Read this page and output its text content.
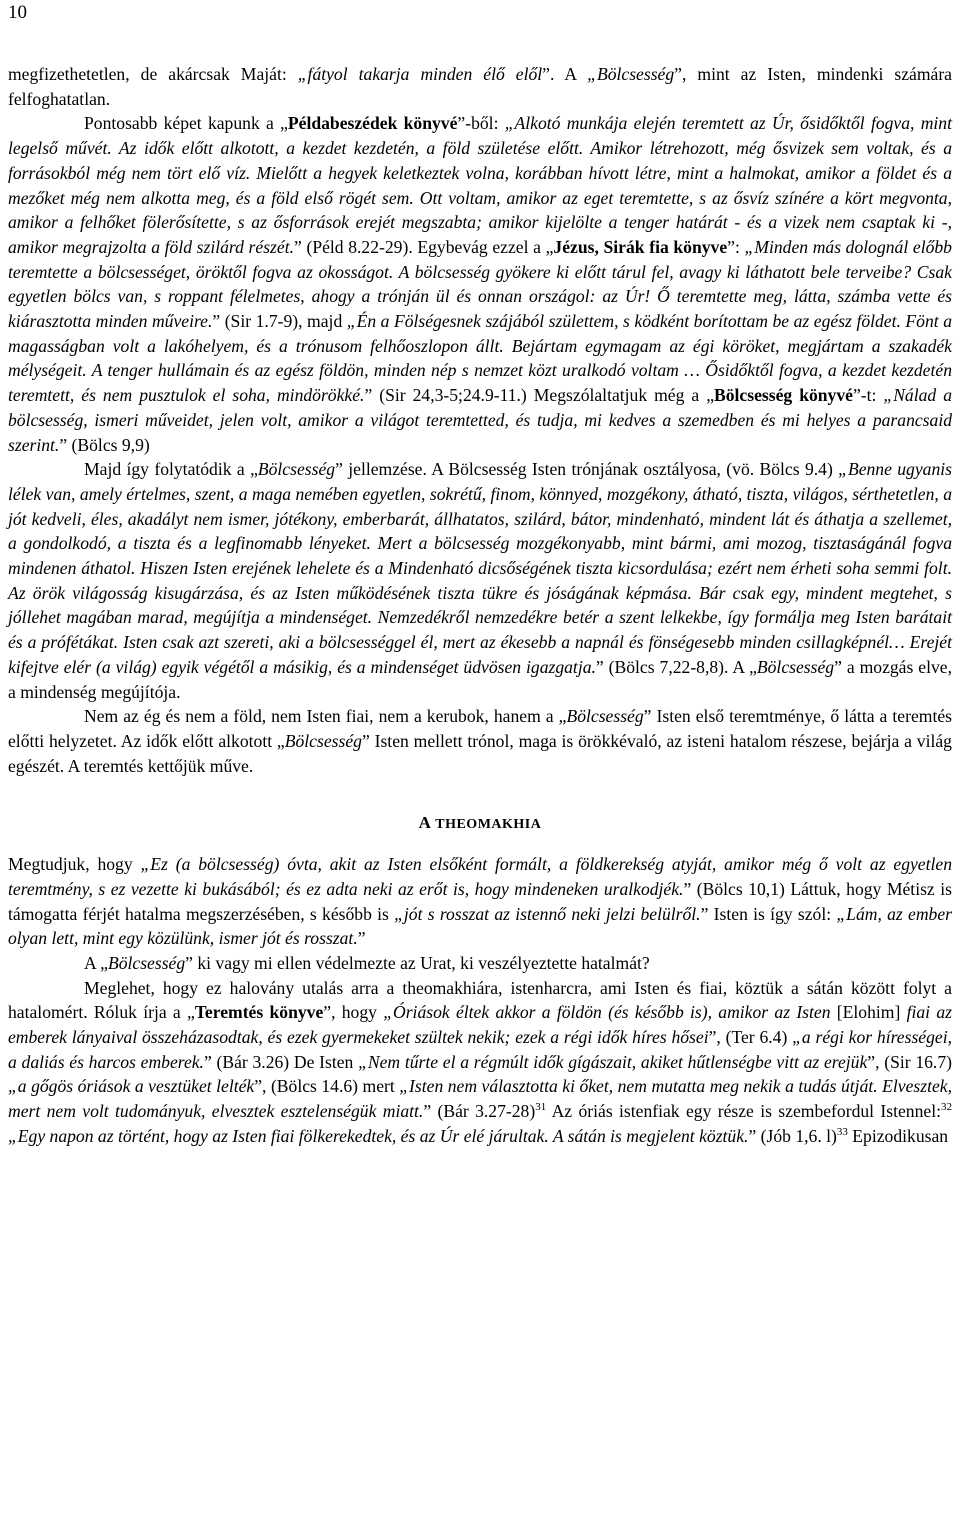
10

megfizethetetlen, de akárcsak Maját: „fátyol takarja minden élő elől”. A „Bölcsesség”, mint az Isten, mindenki számára felfoghatatlan.

Pontosabb képet kapunk a „Példabeszédek könyvé”-ből: „Alkotó munkája elején teremtett az Úr, ősidőktől fogva, mint legelső művét. Az idők előtt alkotott, a kezdet kezdetén, a föld születése előtt. Amikor létrehozott, még ősvizek sem voltak, és a forrásokból még nem tört elő víz. Mielőtt a hegyek keletkeztek volna, korábban hívott létre, mint a halmokat, amikor a földet és a mezőket még nem alkotta meg, és a föld első rögét sem. Ott voltam, amikor az eget teremtette, s az ősvíz színére a kört megvonta, amikor a felhőket fölerősítette, s az ősforrások erejét megszabta; amikor kijelölte a tenger határát - és a vizek nem csaptak ki -, amikor megrajzolta a föld szilárd részét.” (Péld 8.22-29). Egybevág ezzel a „Jézus, Sirák fia könyve”: „Minden más dolognál előbb teremtette a bölcsességet, öröktől fogva az okosságot. A bölcsesség gyökere ki előtt tárul fel, avagy ki láthatott bele terveibe? Csak egyetlen bölcs van, s roppant félelmetes, ahogy a trónján ül és onnan országol: az Úr! Ő teremtette meg, látta, számba vette és kiárasztotta minden műveire.” (Sir 1.7-9), majd „Én a Fölségesnek szájából születtem, s ködként borítottam be az egész földet. Fönt a magasságban volt a lakóhelyem, és a trónusom felhőoszlopon állt. Bejártam egymagam az égi köröket, megjártam a szakadék mélységeit. A tenger hullámain és az egész földön, minden nép s nemzet közt uralkodó voltam … Ősidőktől fogva, a kezdet kezdetén teremtett, és nem pusztulok el soha, mindörökké.” (Sir 24,3-5;24.9-11.) Megszólaltatjuk még a „Bölcsesség könyvé”-t: „Nálad a bölcsesség, ismeri műveidet, jelen volt, amikor a világot teremtetted, és tudja, mi kedves a szemedben és mi helyes a parancsaid szerint.” (Bölcs 9,9)

Majd így folytatódik a „Bölcsesség” jellemzése. A Bölcsesség Isten trónjának osztályosa, (vö. Bölcs 9.4) „Benne ugyanis lélek van, amely értelmes, szent, a maga nemében egyetlen, sokrétű, finom, könnyed, mozgékony, átható, tiszta, világos, sérthetetlen, a jót kedveli, éles, akadályt nem ismer, jótékony, emberbarát, állhatatos, szilárd, bátor, mindenható, mindent lát és áthatja a szellemet, a gondolkodó, a tiszta és a legfinomabb lényeket. Mert a bölcsesség mozgékonyabb, mint bármi, ami mozog, tisztaságánál fogva mindenen áthatol. Hiszen Isten erejének lehelete és a Mindenható dicsőségének tiszta kicsordulása; ezért nem érheti soha semmi folt. Az örök világosság kisugárzása, és az Isten működésének tiszta tükre és jóságának képmása. Bár csak egy, mindent megtehet, s jóllehet magában marad, megújítja a mindenséget. Nemzedékről nemzedékre betér a szent lelkekbe, így formálja meg Isten barátait és a prófétákat. Isten csak azt szereti, aki a bölcsességgel él, mert az ékesebb a napnál és fönségesebb minden csillagképnél… Erejét kifejtve elér (a világ) egyik végétől a másikig, és a mindenséget üdvösen igazgatja.” (Bölcs 7,22-8,8). A „Bölcsesség” a mozgás elve, a mindenség megújítója.

Nem az ég és nem a föld, nem Isten fiai, nem a kerubok, hanem a „Bölcsesség” Isten első teremtménye, ő látta a teremtés előtti helyzetet. Az idők előtt alkotott „Bölcsesség” Isten mellett trónol, maga is örökkévaló, az isteni hatalom részese, bejárja a világ egészét. A teremtés kettőjük műve.

A THEOMAKHIA

Megtudjuk, hogy „Ez (a bölcsesség) óvta, akit az Isten elsőként formált, a földkerekség atyját, amikor még ő volt az egyetlen teremtmény, s ez vezette ki bukásából; és ez adta neki az erőt is, hogy mindeneken uralkodjék.” (Bölcs 10,1) Láttuk, hogy Métisz is támogatta férjét hatalma megszerzésében, s később is „jót s rosszat az istennő neki jelzi belülről.” Isten is így szól: „Lám, az ember olyan lett, mint egy közülünk, ismer jót és rosszat.”

A „Bölcsesség” ki vagy mi ellen védelmezte az Urat, ki veszélyeztette hatalmát?

Meglehet, hogy ez halovány utalás arra a theomakhiára, istenharcra, ami Isten és fiai, köztük a sátán között folyt a hatalomért. Róluk írja a „Teremtés könyve”, hogy „Óriások éltek akkor a földön (és később is), amikor az Isten [Elohim] fiai az emberek lányaival összeházasodtak, és ezek gyermekeket szültek nekik; ezek a régi idők híres hősei”, (Ter 6.4) „a régi kor hírességei, a daliás és harcos emberek.” (Bár 3.26) De Isten „Nem tűrte el a régmúlt idők gígászait, akiket hűtlenségbe vitt az erejük”, (Sir 16.7) „a gőgös óriások a vesztüket lelték”, (Bölcs 14.6) mert „Isten nem választotta ki őket, nem mutatta meg nekik a tudás útját. Elvesztek, mert nem volt tudományuk, elvesztek esztelenségük miatt.” (Bár 3.27-28)$^{31}$ Az óriás istenfiak egy része is szembefordul Istennel:$^{32}$ „Egy napon az történt, hogy az Isten fiai fölkerekedtek, és az Úr elé járultak. A sátán is megjelent köztük.” (Jób 1,6. l)$^{33}$ Epizodikusan
